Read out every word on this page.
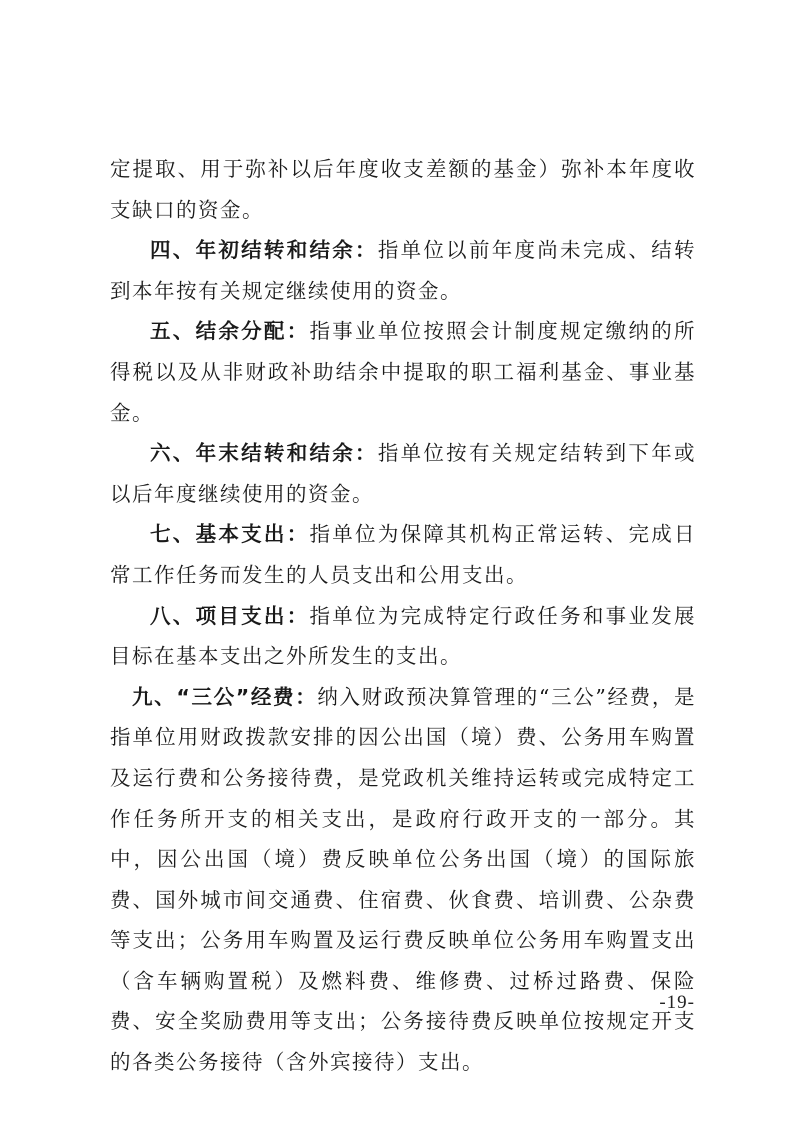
定提取、用于弥补以后年度收支差额的基金）弥补本年度收支缺口的资金。

四、年初结转和结余：指单位以前年度尚未完成、结转到本年按有关规定继续使用的资金。

五、结余分配：指事业单位按照会计制度规定缴纳的所得税以及从非财政补助结余中提取的职工福利基金、事业基金。

六、年末结转和结余：指单位按有关规定结转到下年或以后年度继续使用的资金。

七、基本支出：指单位为保障其机构正常运转、完成日常工作任务而发生的人员支出和公用支出。

八、项目支出：指单位为完成特定行政任务和事业发展目标在基本支出之外所发生的支出。

九、“三公”经费：纳入财政预决算管理的“三公”经费，是指单位用财政拨款安排的因公出国（境）费、公务用车购置及运行费和公务接待费，是党政机关维持运转或完成特定工作任务所开支的相关支出，是政府行政开支的一部分。其中，因公出国（境）费反映单位公务出国（境）的国际旅费、国外城市间交通费、住宿费、伙食费、培训费、公杂费等支出；公务用车购置及运行费反映单位公务用车购置支出（含车辆购置税）及燃料费、维修费、过桥过路费、保险费、安全奖励费用等支出；公务接待费反映单位按规定开支的各类公务接待（含外宾接待）支出。

-19-
